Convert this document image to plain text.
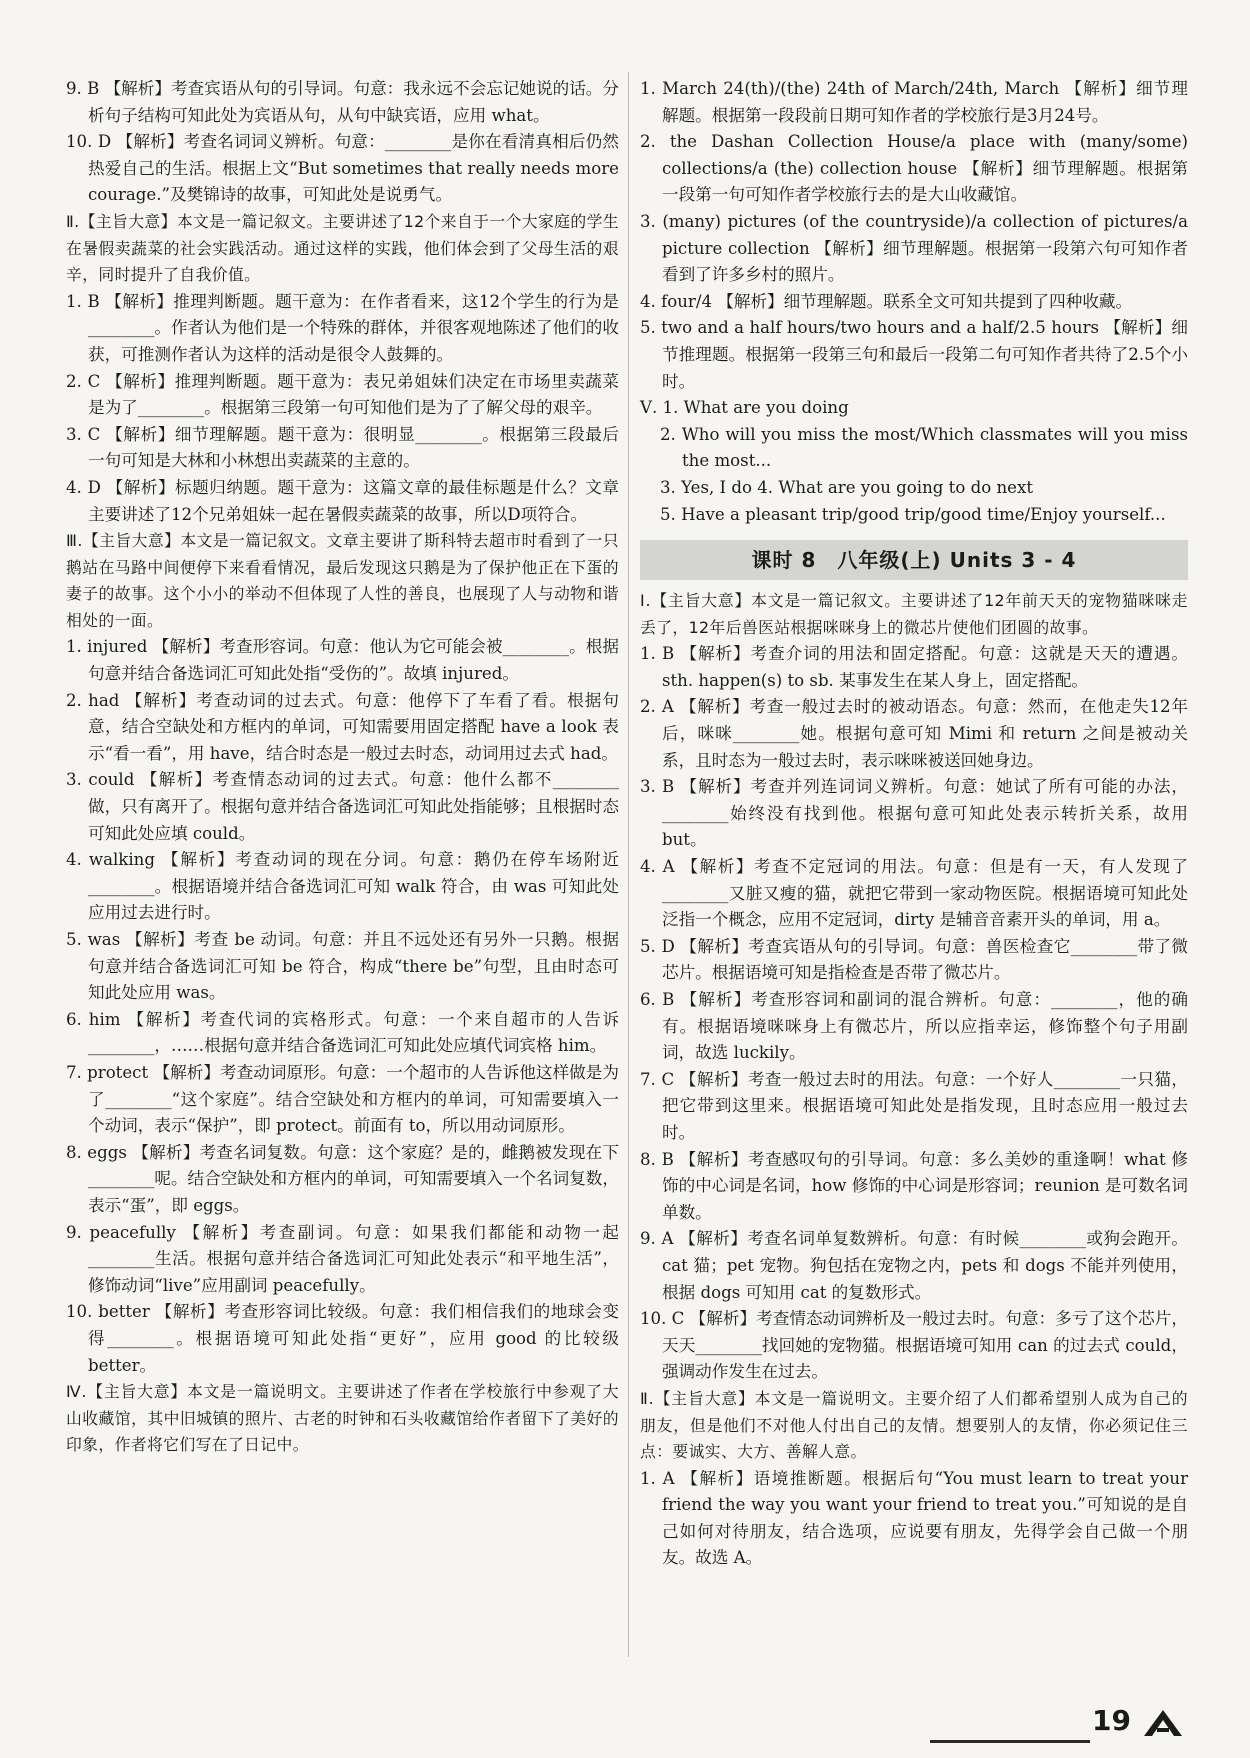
9. B 【解析】考查宾语从句的引导词。句意：我永远不会忘记她说的话。分析句子结构可知此处为宾语从句，从句中缺宾语，应用 what。

10. D 【解析】考查名词词义辨析。句意：________是你在看清真相后仍然热爱自己的生活。根据上文“But sometimes that really needs more courage.”及樊锦诗的故事，可知此处是说勇气。

Ⅱ.【主旨大意】本文是一篇记叙文。主要讲述了12个来自于一个大家庭的学生在暑假卖蔬菜的社会实践活动。通过这样的实践，他们体会到了父母生活的艰辛，同时提升了自我价值。

1. B 【解析】推理判断题。题干意为：在作者看来，这12个学生的行为是________。作者认为他们是一个特殊的群体，并很客观地陈述了他们的收获，可推测作者认为这样的活动是很令人鼓舞的。

2. C 【解析】推理判断题。题干意为：表兄弟姐妹们决定在市场里卖蔬菜是为了________。根据第三段第一句可知他们是为了了解父母的艰辛。

3. C 【解析】细节理解题。题干意为：很明显________。根据第三段最后一句可知是大林和小林想出卖蔬菜的主意的。

4. D 【解析】标题归纳题。题干意为：这篇文章的最佳标题是什么？文章主要讲述了12个兄弟姐妹一起在暑假卖蔬菜的故事，所以D项符合。

Ⅲ.【主旨大意】本文是一篇记叙文。文章主要讲了斯科特去超市时看到了一只鹅站在马路中间便停下来看看情况，最后发现这只鹅是为了保护他正在下蛋的妻子的故事。这个小小的举动不但体现了人性的善良，也展现了人与动物和谐相处的一面。

1. injured 【解析】考查形容词。句意：他认为它可能会被________。根据句意并结合备选词汇可知此处指“受伤的”。故填 injured。

2. had 【解析】考查动词的过去式。句意：他停下了车看了看。根据句意，结合空缺处和方框内的单词，可知需要用固定搭配 have a look 表示“看一看”，用 have，结合时态是一般过去时态，动词用过去式 had。

3. could 【解析】考查情态动词的过去式。句意：他什么都不________做，只有离开了。根据句意并结合备选词汇可知此处指能够；且根据时态可知此处应填 could。

4. walking 【解析】考查动词的现在分词。句意：鹅仍在停车场附近________。根据语境并结合备选词汇可知 walk 符合，由 was 可知此处应用过去进行时。

5. was 【解析】考查 be 动词。句意：并且不远处还有另外一只鹅。根据句意并结合备选词汇可知 be 符合，构成“there be”句型，且由时态可知此处应用 was。

6. him 【解析】考查代词的宾格形式。句意：一个来自超市的人告诉________，……根据句意并结合备选词汇可知此处应填代词宾格 him。

7. protect 【解析】考查动词原形。句意：一个超市的人告诉他这样做是为了________“这个家庭”。结合空缺处和方框内的单词，可知需要填入一个动词，表示“保护”，即 protect。前面有 to，所以用动词原形。

8. eggs 【解析】考查名词复数。句意：这个家庭？是的，雌鹅被发现在下________呢。结合空缺处和方框内的单词，可知需要填入一个名词复数，表示“蛋”，即 eggs。

9. peacefully 【解析】考查副词。句意：如果我们都能和动物一起________生活。根据句意并结合备选词汇可知此处表示“和平地生活”，修饰动词“live”应用副词 peacefully。

10. better 【解析】考查形容词比较级。句意：我们相信我们的地球会变得________。根据语境可知此处指“更好”，应用 good 的比较级 better。

Ⅳ.【主旨大意】本文是一篇说明文。主要讲述了作者在学校旅行中参观了大山收藏馆，其中旧城镇的照片、古老的时钟和石头收藏馆给作者留下了美好的印象，作者将它们写在了日记中。

1. March 24(th)/(the) 24th of March/24th, March 【解析】细节理解题。根据第一段段前日期可知作者的学校旅行是3月24号。

2. the Dashan Collection House/a place with (many/some) collections/a (the) collection house 【解析】细节理解题。根据第一段第一句可知作者学校旅行去的是大山收藏馆。

3. (many) pictures (of the countryside)/a collection of pictures/a picture collection 【解析】细节理解题。根据第一段第六句可知作者看到了许多乡村的照片。

4. four/4 【解析】细节理解题。联系全文可知共提到了四种收藏。

5. two and a half hours/two hours and a half/2.5 hours 【解析】细节推理题。根据第一段第三句和最后一段第二句可知作者共待了2.5个小时。

Ⅴ. 1. What are you doing

2. Who will you miss the most/Which classmates will you miss the most...

3. Yes, I do 4. What are you going to do next

5. Have a pleasant trip/good trip/good time/Enjoy yourself...

课时 8　八年级(上) Units 3 - 4

Ⅰ.【主旨大意】本文是一篇记叙文。主要讲述了12年前天天的宠物猫咪咪走丢了，12年后兽医站根据咪咪身上的微芯片使他们团圆的故事。

1. B 【解析】考查介词的用法和固定搭配。句意：这就是天天的遭遇。sth. happen(s) to sb. 某事发生在某人身上，固定搭配。

2. A 【解析】考查一般过去时的被动语态。句意：然而，在他走失12年后，咪咪________她。根据句意可知 Mimi 和 return 之间是被动关系，且时态为一般过去时，表示咪咪被送回她身边。

3. B 【解析】考查并列连词词义辨析。句意：她试了所有可能的办法，________始终没有找到他。根据句意可知此处表示转折关系，故用 but。

4. A 【解析】考查不定冠词的用法。句意：但是有一天，有人发现了________又脏又瘦的猫，就把它带到一家动物医院。根据语境可知此处泛指一个概念，应用不定冠词，dirty 是辅音音素开头的单词，用 a。

5. D 【解析】考查宾语从句的引导词。句意：兽医检查它________带了微芯片。根据语境可知是指检查是否带了微芯片。

6. B 【解析】考查形容词和副词的混合辨析。句意：________，他的确有。根据语境咪咪身上有微芯片，所以应指幸运，修饰整个句子用副词，故选 luckily。

7. C 【解析】考查一般过去时的用法。句意：一个好人________一只猫，把它带到这里来。根据语境可知此处是指发现，且时态应用一般过去时。

8. B 【解析】考查感叹句的引导词。句意：多么美妙的重逢啊！what 修饰的中心词是名词，how 修饰的中心词是形容词；reunion 是可数名词单数。

9. A 【解析】考查名词单复数辨析。句意：有时候________或狗会跑开。cat 猫；pet 宠物。狗包括在宠物之内，pets 和 dogs 不能并列使用，根据 dogs 可知用 cat 的复数形式。

10. C 【解析】考查情态动词辨析及一般过去时。句意：多亏了这个芯片，天天________找回她的宠物猫。根据语境可知用 can 的过去式 could，强调动作发生在过去。

Ⅱ.【主旨大意】本文是一篇说明文。主要介绍了人们都希望别人成为自己的朋友，但是他们不对他人付出自己的友情。想要别人的友情，你必须记住三点：要诚实、大方、善解人意。

1. A 【解析】语境推断题。根据后句“You must learn to treat your friend the way you want your friend to treat you.”可知说的是自己如何对待朋友，结合选项，应说要有朋友，先得学会自己做一个朋友。故选 A。

19
